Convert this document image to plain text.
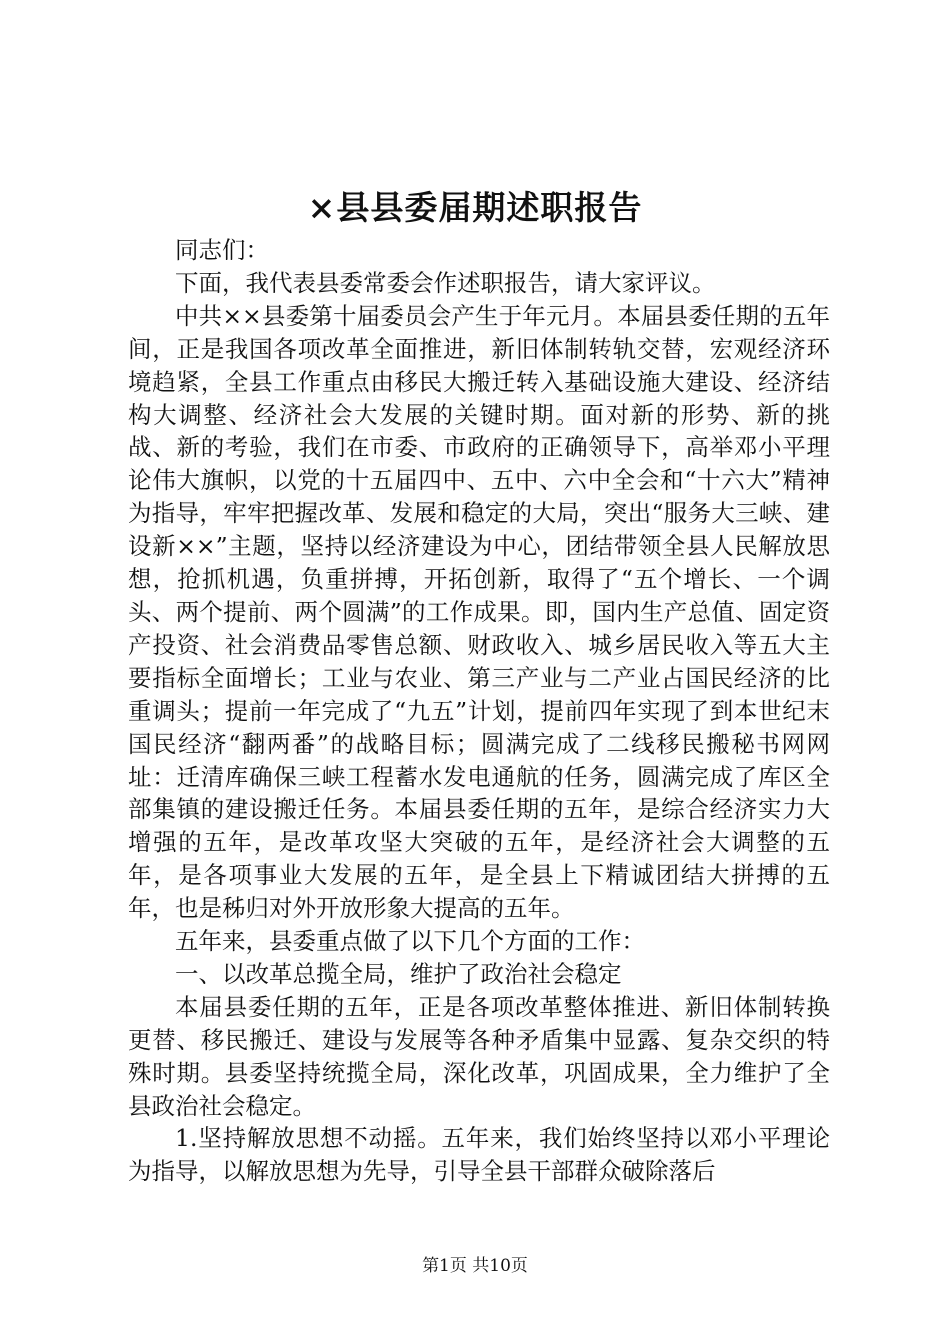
×县县委届期述职报告

同志们：

下面，我代表县委常委会作述职报告，请大家评议。

中共××县委第十届委员会产生于年元月。本届县委任期的五年间，正是我国各项改革全面推进，新旧体制转轨交替，宏观经济环境趋紧，全县工作重点由移民大搬迁转入基础设施大建设、经济结构大调整、经济社会大发展的关键时期。面对新的形势、新的挑战、新的考验，我们在市委、市政府的正确领导下，高举邓小平理论伟大旗帜，以党的十五届四中、五中、六中全会和“十六大”精神为指导，牢牢把握改革、发展和稳定的大局，突出“服务大三峡、建设新××”主题，坚持以经济建设为中心，团结带领全县人民解放思想，抢抓机遇，负重拼搏，开拓创新，取得了“五个增长、一个调头、两个提前、两个圆满”的工作成果。即，国内生产总值、固定资产投资、社会消费品零售总额、财政收入、城乡居民收入等五大主要指标全面增长；工业与农业、第三产业与二产业占国民经济的比重调头；提前一年完成了“九五”计划，提前四年实现了到本世纪末国民经济“翻两番”的战略目标；圆满完成了二线移民搬秘书网网址：迁清库确保三峡工程蓄水发电通航的任务，圆满完成了库区全部集镇的建设搬迁任务。本届县委任期的五年，是综合经济实力大增强的五年，是改革攻坚大突破的五年，是经济社会大调整的五年，是各项事业大发展的五年，是全县上下精诚团结大拼搏的五年，也是秭归对外开放形象大提高的五年。

五年来，县委重点做了以下几个方面的工作：

一、以改革总揽全局，维护了政治社会稳定

本届县委任期的五年，正是各项改革整体推进、新旧体制转换更替、移民搬迁、建设与发展等各种矛盾集中显露、复杂交织的特殊时期。县委坚持统揽全局，深化改革，巩固成果，全力维护了全县政治社会稳定。

1.坚持解放思想不动摇。五年来，我们始终坚持以邓小平理论为指导，以解放思想为先导，引导全县干部群众破除落后

第1页 共10页
